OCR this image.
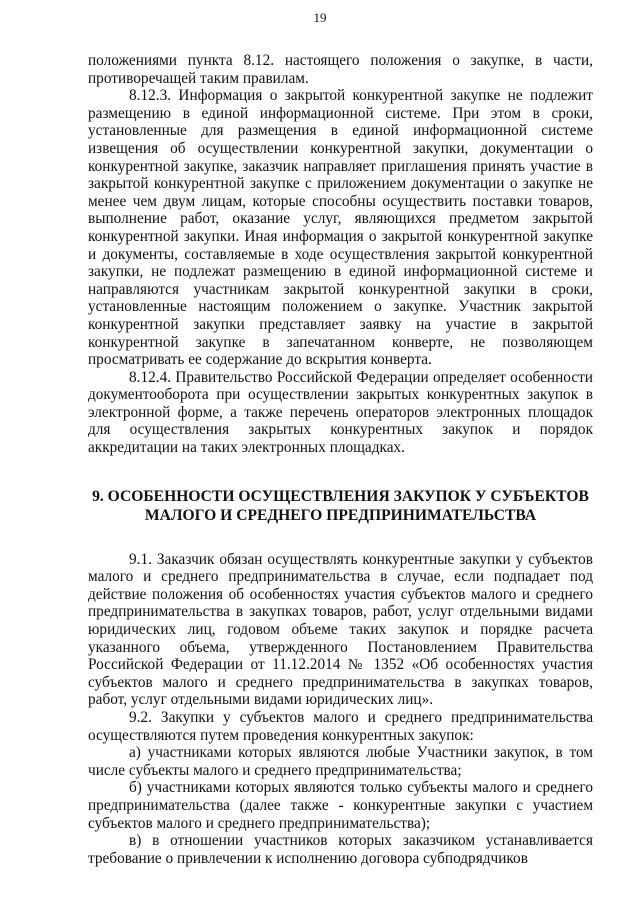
19

положениями пункта 8.12. настоящего положения о закупке, в части, противоречащей таким правилам.

8.12.3. Информация о закрытой конкурентной закупке не подлежит размещению в единой информационной системе. При этом в сроки, установленные для размещения в единой информационной системе извещения об осуществлении конкурентной закупки, документации о конкурентной закупке, заказчик направляет приглашения принять участие в закрытой конкурентной закупке с приложением документации о закупке не менее чем двум лицам, которые способны осуществить поставки товаров, выполнение работ, оказание услуг, являющихся предметом закрытой конкурентной закупки. Иная информация о закрытой конкурентной закупке и документы, составляемые в ходе осуществления закрытой конкурентной закупки, не подлежат размещению в единой информационной системе и направляются участникам закрытой конкурентной закупки в сроки, установленные настоящим положением о закупке. Участник закрытой конкурентной закупки представляет заявку на участие в закрытой конкурентной закупке в запечатанном конверте, не позволяющем просматривать ее содержание до вскрытия конверта.

8.12.4. Правительство Российской Федерации определяет особенности документооборота при осуществлении закрытых конкурентных закупок в электронной форме, а также перечень операторов электронных площадок для осуществления закрытых конкурентных закупок и порядок аккредитации на таких электронных площадках.

9. ОСОБЕННОСТИ ОСУЩЕСТВЛЕНИЯ ЗАКУПОК У СУБЪЕКТОВ
МАЛОГО И СРЕДНЕГО ПРЕДПРИНИМАТЕЛЬСТВА

9.1. Заказчик обязан осуществлять конкурентные закупки у субъектов малого и среднего предпринимательства в случае, если подпадает под действие положения об особенностях участия субъектов малого и среднего предпринимательства в закупках товаров, работ, услуг отдельными видами юридических лиц, годовом объеме таких закупок и порядке расчета указанного объема, утвержденного Постановлением Правительства Российской Федерации от 11.12.2014 № 1352 «Об особенностях участия субъектов малого и среднего предпринимательства в закупках товаров, работ, услуг отдельными видами юридических лиц».

9.2. Закупки у субъектов малого и среднего предпринимательства осуществляются путем проведения конкурентных закупок:

а) участниками которых являются любые Участники закупок, в том числе субъекты малого и среднего предпринимательства;

б) участниками которых являются только субъекты малого и среднего предпринимательства (далее также - конкурентные закупки с участием субъектов малого и среднего предпринимательства);

в) в отношении участников которых заказчиком устанавливается требование о привлечении к исполнению договора субподрядчиков
